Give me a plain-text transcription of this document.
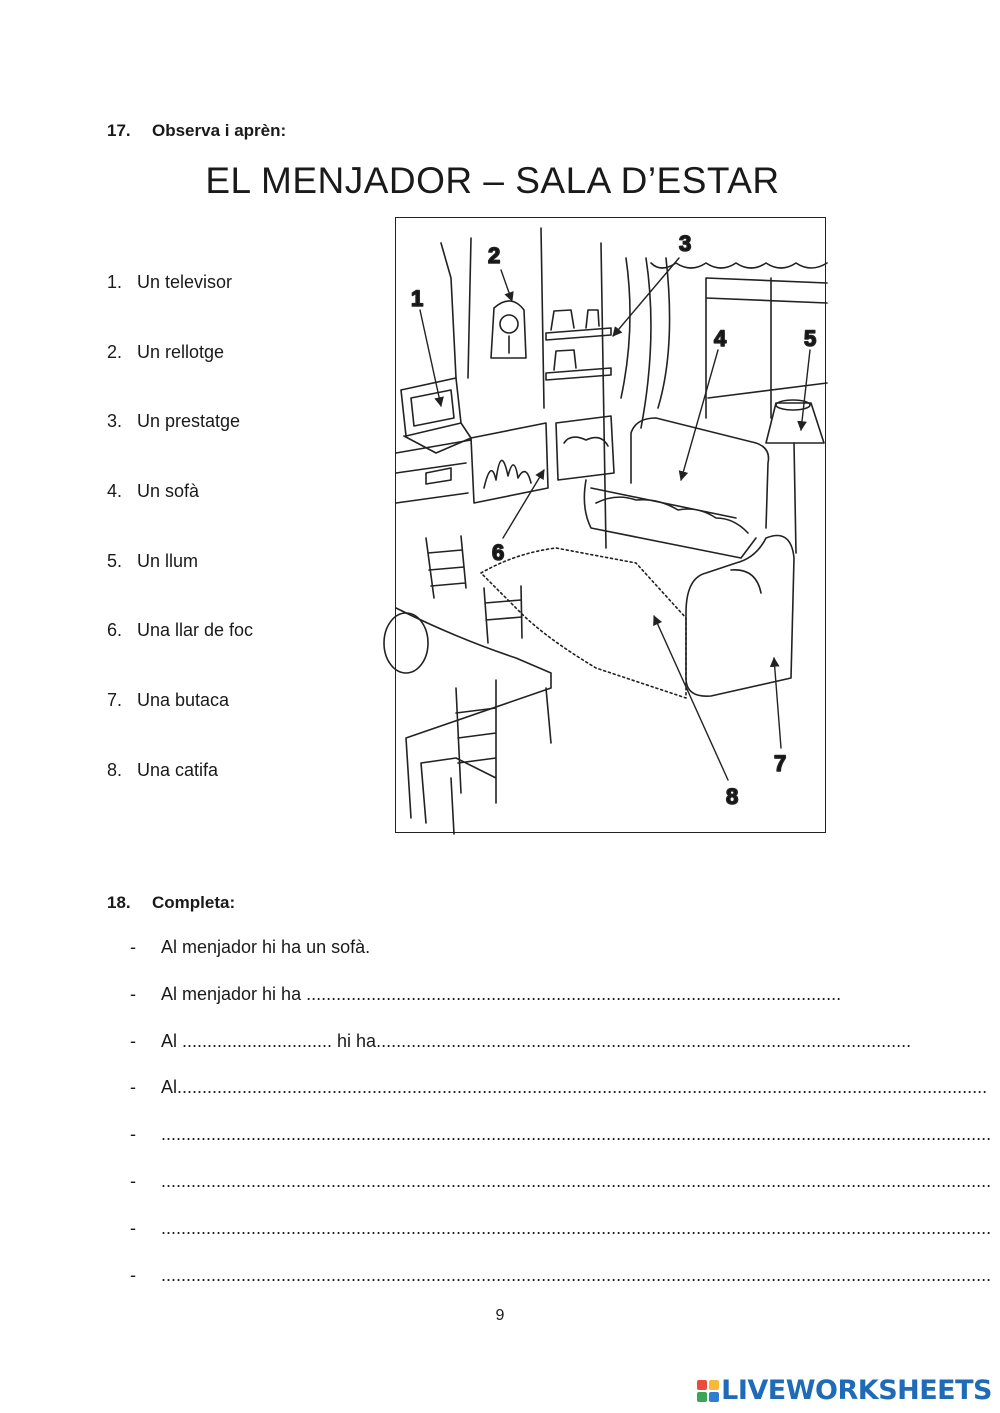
17. Observa i aprèn:
EL MENJADOR – SALA D’ESTAR
1. Un televisor
2. Un rellotge
3. Un prestatge
4. Un sofà
5. Un llum
6. Una llar de foc
7. Una butaca
8. Una catifa
1
2	3
4	5
6
7
8
18. Completa:
- Al menjador hi ha un sofà.
- Al menjador hi ha ...........................................................................................................
- Al .............................. hi ha...........................................................................................................
- Al..................................................................................................................................................................
- ......................................................................................................................................................................
- ......................................................................................................................................................................
- ......................................................................................................................................................................
- ......................................................................................................................................................................
9
LIVEWORKSHEETS
